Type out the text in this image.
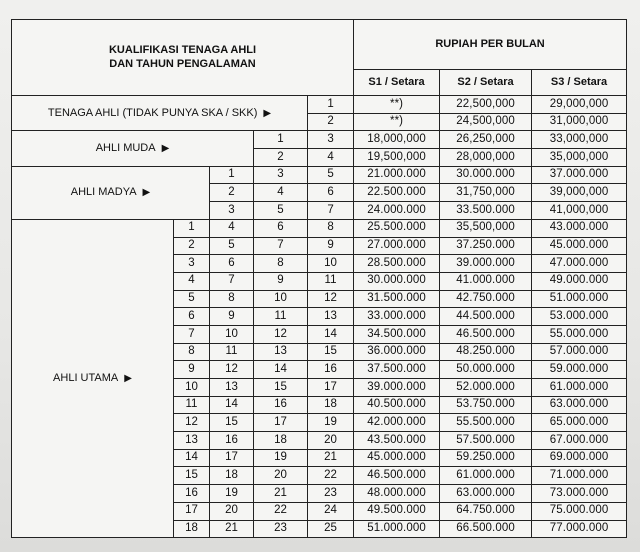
KUALIFIKASI TENAGA AHLI
DAN TAHUN PENGALAMAN					RUPIAH PER BULAN		
					S1 / Setara	S2 / Setara	S3 / Setara
TENAGA AHLI (TIDAK PUNYA SKA / SKK) ▶				1	**)	22,500,000	29,000,000
				2	**)	24,500,000	31,000,000
AHLI MUDA ▶			1	3	18,000,000	26,250,000	33,000,000
			2	4	19,500,000	28,000,000	35,000,000
AHLI MADYA ▶		1	3	5	21.000.000	30.000.000	37.000.000
		2	4	6	22.500.000	31,750,000	39,000,000
		3	5	7	24.000.000	33.500.000	41,000,000
AHLI UTAMA ▶	1	4	6	8	25.500.000	35,500,000	43.000.000
	2	5	7	9	27.000.000	37.250.000	45.000.000
	3	6	8	10	28.500.000	39.000.000	47.000.000
	4	7	9	11	30.000.000	41.000.000	49.000.000
	5	8	10	12	31.500.000	42.750.000	51.000.000
	6	9	11	13	33.000.000	44.500.000	53.000.000
	7	10	12	14	34.500.000	46.500.000	55.000.000
	8	11	13	15	36.000.000	48.250.000	57.000.000
	9	12	14	16	37.500.000	50.000.000	59.000.000
	10	13	15	17	39.000.000	52.000.000	61.000.000
	11	14	16	18	40.500.000	53.750.000	63.000.000
	12	15	17	19	42.000.000	55.500.000	65.000.000
	13	16	18	20	43.500.000	57.500.000	67.000.000
	14	17	19	21	45.000.000	59.250.000	69.000.000
	15	18	20	22	46.500.000	61.000.000	71.000.000
	16	19	21	23	48.000.000	63.000.000	73.000.000
	17	20	22	24	49.500.000	64.750.000	75.000.000
	18	21	23	25	51.000.000	66.500.000	77.000.000
